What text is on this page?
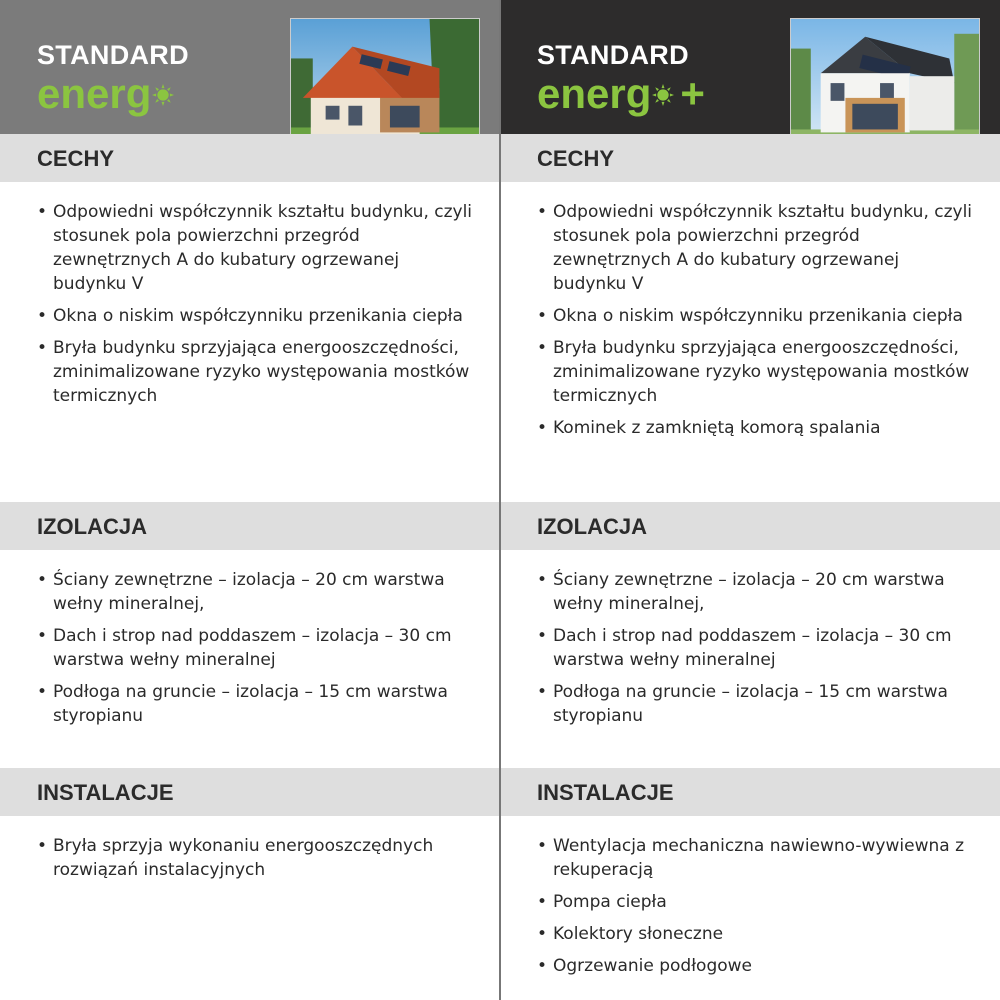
STANDARD
energ
CECHY
• Odpowiedni współczynnik kształtu budynku, czyli stosunek pola powierzchni przegród zewnętrznych A do kubatury ogrzewanej budynku V
• Okna o niskim współczynniku przenikania ciepła
• Bryła budynku sprzyjająca energooszczędności, zminimalizowane ryzyko występowania mostków termicznych
IZOLACJA
• Ściany zewnętrzne – izolacja – 20 cm warstwa wełny mineralnej,
• Dach i strop nad poddaszem – izolacja – 30 cm warstwa wełny mineralnej
• Podłoga na gruncie – izolacja – 15 cm warstwa styropianu
INSTALACJE
• Bryła sprzyja wykonaniu energooszczędnych rozwiązań instalacyjnych
STANDARD
energ +
CECHY
• Odpowiedni współczynnik kształtu budynku, czyli stosunek pola powierzchni przegród zewnętrznych A do kubatury ogrzewanej budynku V
• Okna o niskim współczynniku przenikania ciepła
• Bryła budynku sprzyjająca energooszczędności, zminimalizowane ryzyko występowania mostków termicznych
• Kominek z zamkniętą komorą spalania
IZOLACJA
• Ściany zewnętrzne – izolacja – 20 cm warstwa wełny mineralnej,
• Dach i strop nad poddaszem – izolacja – 30 cm warstwa wełny mineralnej
• Podłoga na gruncie – izolacja – 15 cm warstwa styropianu
INSTALACJE
• Wentylacja mechaniczna nawiewno-wywiewna z rekuperacją
• Pompa ciepła
• Kolektory słoneczne
• Ogrzewanie podłogowe
